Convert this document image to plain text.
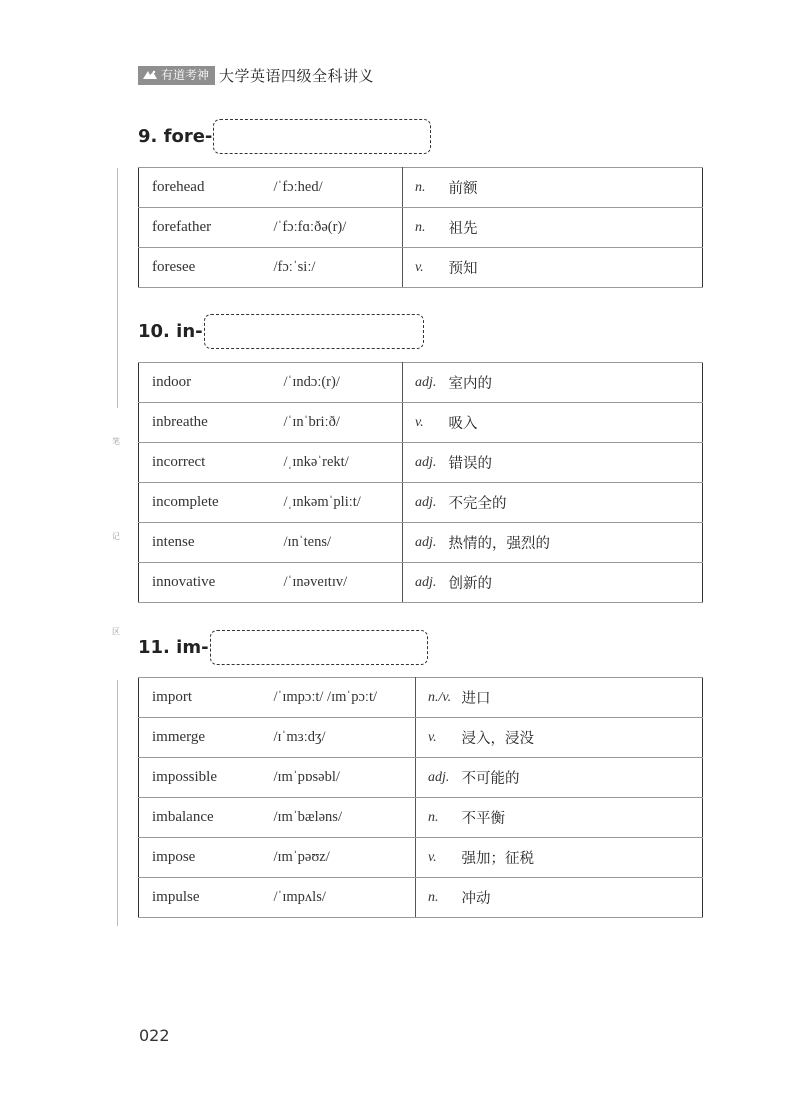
有道考神 大学英语四级全科讲义
笔
记
区
9. fore-
forehead	/ˈfɔːhed/	n.	前额
forefather	/ˈfɔːfɑːðə(r)/	n.	祖先
foresee	/fɔːˈsiː/	v.	预知
10. in-
indoor	/ˈɪndɔː(r)/	adj.	室内的
inbreathe	/ˈɪnˈbriːð/	v.	吸入
incorrect	/ˌɪnkəˈrekt/	adj.	错误的
incomplete	/ˌɪnkəmˈpliːt/	adj.	不完全的
intense	/ɪnˈtens/	adj.	热情的，强烈的
innovative	/ˈɪnəveɪtɪv/	adj.	创新的
11. im-
import	/ˈɪmpɔːt/ /ɪmˈpɔːt/	n./v.	进口
immerge	/ɪˈmɜːdʒ/	v.	浸入，浸没
impossible	/ɪmˈpɒsəbl/	adj.	不可能的
imbalance	/ɪmˈbæləns/	n.	不平衡
impose	/ɪmˈpəʊz/	v.	强加；征税
impulse	/ˈɪmpʌls/	n.	冲动
022
